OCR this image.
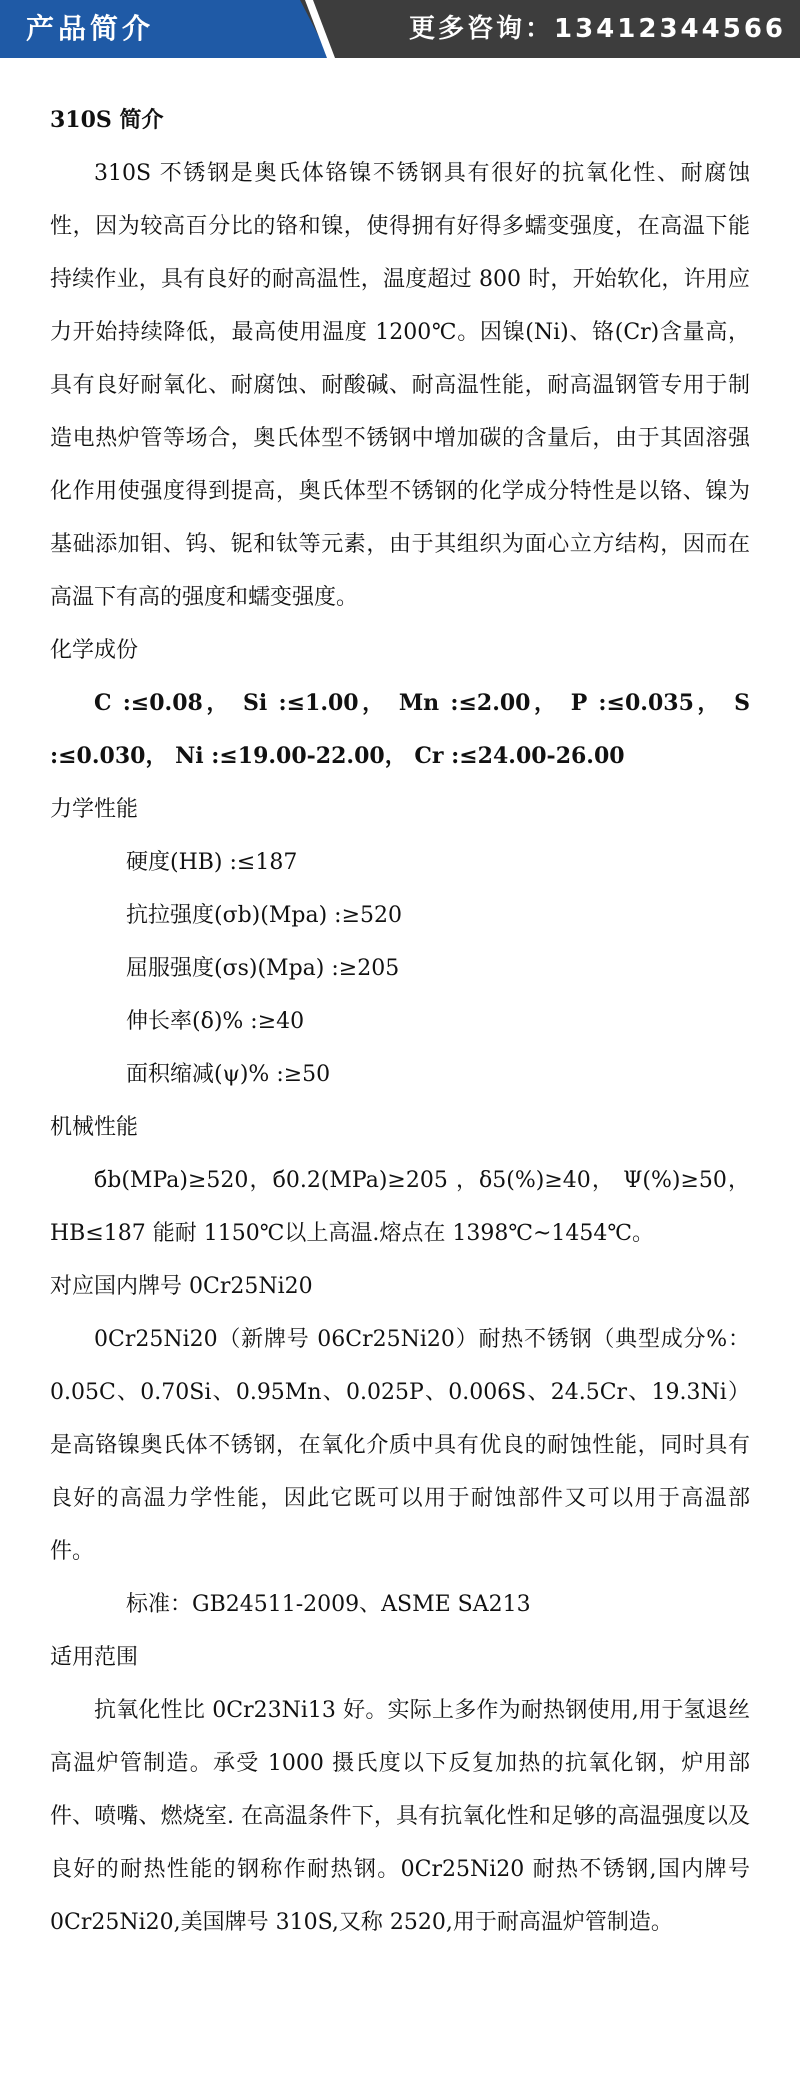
产品简介	更多咨询：13412344566
310S 简介
310S 不锈钢是奥氏体铬镍不锈钢具有很好的抗氧化性、耐腐蚀性，因为较高百分比的铬和镍，使得拥有好得多蠕变强度，在高温下能持续作业，具有良好的耐高温性，温度超过 800 时，开始软化，许用应力开始持续降低，最高使用温度 1200℃。因镍(Ni)、铬(Cr)含量高，具有良好耐氧化、耐腐蚀、耐酸碱、耐高温性能，耐高温钢管专用于制造电热炉管等场合，奥氏体型不锈钢中增加碳的含量后，由于其固溶强化作用使强度得到提高，奥氏体型不锈钢的化学成分特性是以铬、镍为基础添加钼、钨、铌和钛等元素，由于其组织为面心立方结构，因而在高温下有高的强度和蠕变强度。
化学成份
C :≤0.08， Si :≤1.00， Mn :≤2.00， P :≤0.035， S :≤0.030， Ni :≤19.00-22.00， Cr :≤24.00-26.00
力学性能
硬度(HB) :≤187
抗拉强度(σb)(Mpa) :≥520
屈服强度(σs)(Mpa) :≥205
伸长率(δ)% :≥40
面积缩减(ψ)% :≥50
机械性能
бb(MPa)≥520，б0.2(MPa)≥205 ，δ5(%)≥40， Ψ(%)≥50，HB≤187 能耐 1150℃以上高温.熔点在 1398℃~1454℃。
对应国内牌号 0Cr25Ni20
0Cr25Ni20（新牌号 06Cr25Ni20）耐热不锈钢（典型成分%：0.05C、0.70Si、0.95Mn、0.025P、0.006S、24.5Cr、19.3Ni）是高铬镍奥氏体不锈钢，在氧化介质中具有优良的耐蚀性能，同时具有良好的高温力学性能，因此它既可以用于耐蚀部件又可以用于高温部件。
标准：GB24511-2009、ASME SA213
适用范围
抗氧化性比 0Cr23Ni13 好。实际上多作为耐热钢使用,用于氢退丝高温炉管制造。承受 1000 摄氏度以下反复加热的抗氧化钢，炉用部件、喷嘴、燃烧室. 在高温条件下，具有抗氧化性和足够的高温强度以及良好的耐热性能的钢称作耐热钢。0Cr25Ni20 耐热不锈钢,国内牌号 0Cr25Ni20,美国牌号 310S,又称 2520,用于耐高温炉管制造。
